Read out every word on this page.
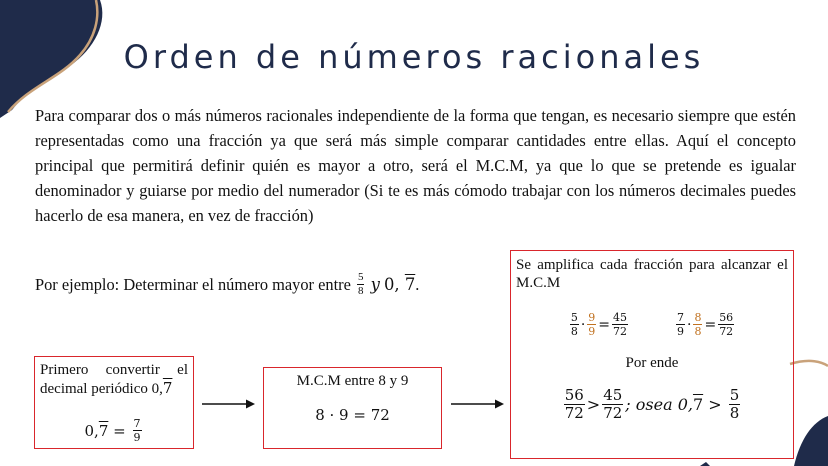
Orden de números racionales
Para comparar dos o más números racionales independiente de la forma que tengan, es necesario siempre que estén representadas como una fracción ya que será más simple comparar cantidades entre ellas. Aquí el concepto principal que permitirá definir quién es mayor a otro, será el M.C.M, ya que lo que se pretende es igualar denominador y guiarse por medio del numerador (Si te es más cómodo trabajar con los números decimales puedes hacerlo de esa manera, en vez de fracción)
Por ejemplo: Determinar el número mayor entre
$\frac{5}{8}$
y
0, 7 .
Primero convertir el decimal periódico 0,7
0, 7
=
$\frac{7}{9}$
M.C.M entre 8 y 9
8 · 9 = 72
Se amplifica cada fracción para alcanzar el M.C.M
$\frac{5}{8} \cdot \frac{9}{9} = \frac{45}{72}$	$\frac{7}{9} \cdot \frac{8}{8} = \frac{56}{72}$
Por ende
$\frac{56}{72} > \frac{45}{72}$ ; osea 0, 7
>
$\frac{5}{8}$
